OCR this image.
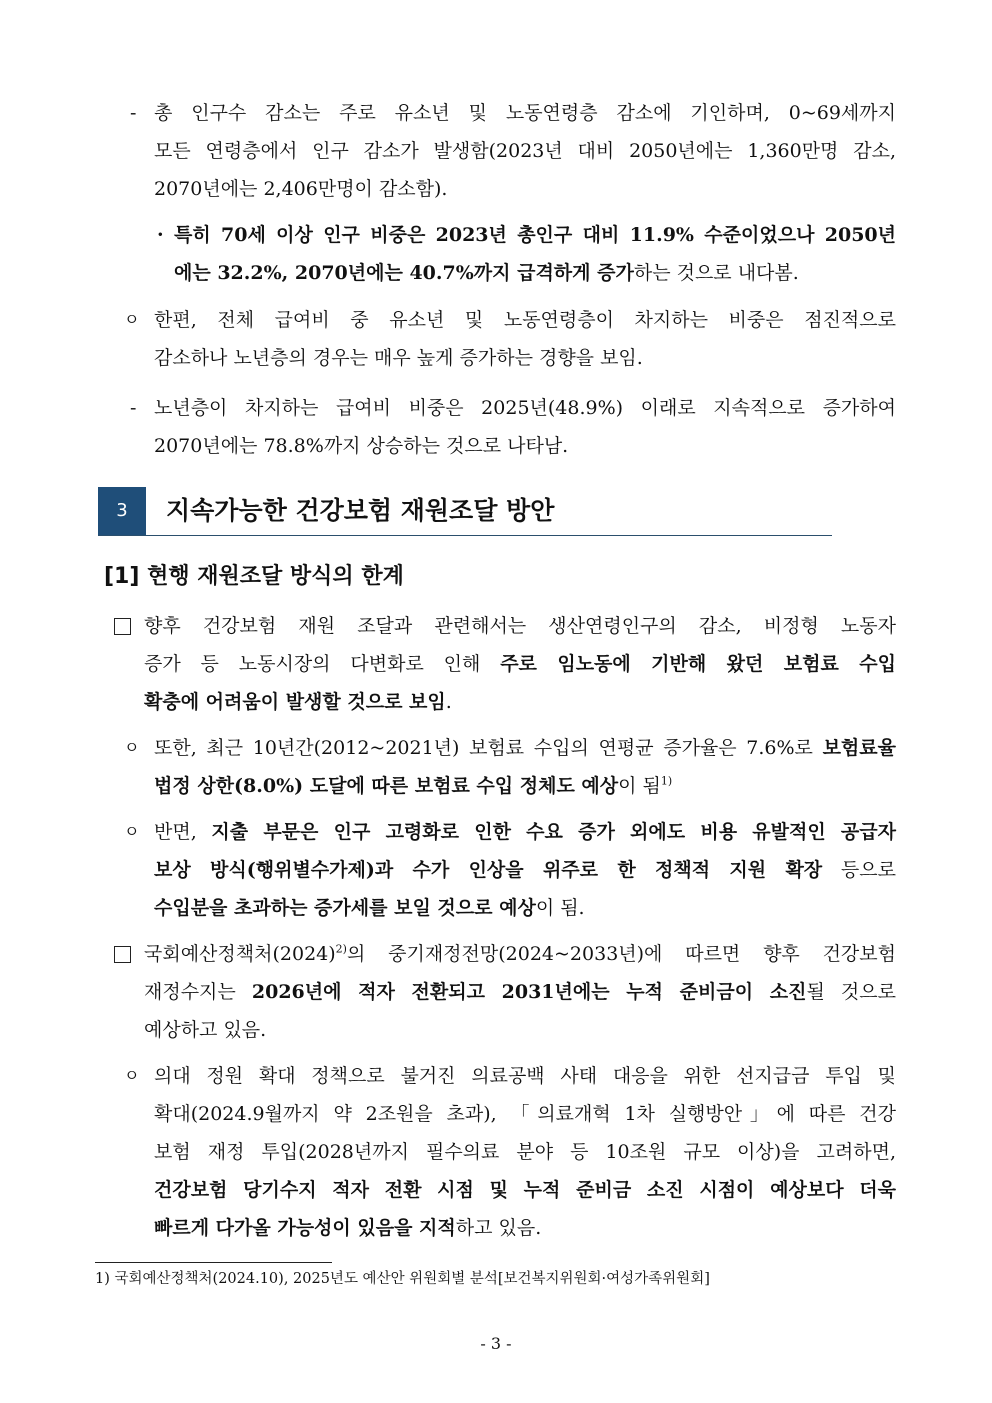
- 총 인구수 감소는 주로 유소년 및 노동연령층 감소에 기인하며, 0~69세까지
모든 연령층에서 인구 감소가 발생함(2023년 대비 2050년에는 1,360만명 감소,
2070년에는 2,406만명이 감소함).
· 특히 70세 이상 인구 비중은 2023년 총인구 대비 11.9% 수준이었으나 2050년
에는 32.2%, 2070년에는 40.7%까지 급격하게 증가하는 것으로 내다봄.
ㅇ 한편, 전체 급여비 중 유소년 및 노동연령층이 차지하는 비중은 점진적으로
감소하나 노년층의 경우는 매우 높게 증가하는 경향을 보임.
- 노년층이 차지하는 급여비 비중은 2025년(48.9%) 이래로 지속적으로 증가하여
2070년에는 78.8%까지 상승하는 것으로 나타남.
3	지속가능한 건강보험 재원조달 방안
[1] 현행 재원조달 방식의 한계
향후 건강보험 재원 조달과 관련해서는 생산연령인구의 감소, 비정형 노동자
증가 등 노동시장의 다변화로 인해 주로 임노동에 기반해 왔던 보험료 수입
확충에 어려움이 발생할 것으로 보임.
ㅇ 또한, 최근 10년간(2012~2021년) 보험료 수입의 연평균 증가율은 7.6%로 보험료율
법정 상한(8.0%) 도달에 따른 보험료 수입 정체도 예상이 됨$^{1)}$
ㅇ 반면, 지출 부문은 인구 고령화로 인한 수요 증가 외에도 비용 유발적인 공급자
보상 방식(행위별수가제)과 수가 인상을 위주로 한 정책적 지원 확장 등으로
수입분을 초과하는 증가세를 보일 것으로 예상이 됨.
국회예산정책처$(2024)^{2)}$의 중기재정전망(2024~2033년)에 따르면 향후 건강보험
재정수지는 2026년에 적자 전환되고 2031년에는 누적 준비금이 소진될 것으로
예상하고 있음.
ㅇ 의대 정원 확대 정책으로 불거진 의료공백 사태 대응을 위한 선지급금 투입 및
확대(2024.9월까지 약 2조원을 초과), 「의료개혁 1차 실행방안」에 따른 건강
보험 재정 투입(2028년까지 필수의료 분야 등 10조원 규모 이상)을 고려하면,
건강보험 당기수지 적자 전환 시점 및 누적 준비금 소진 시점이 예상보다 더욱
빠르게 다가올 가능성이 있음을 지적하고 있음.
1) 국회예산정책처(2024.10), 2025년도 예산안 위원회별 분석[보건복지위원회·여성가족위원회]
- 3 -
